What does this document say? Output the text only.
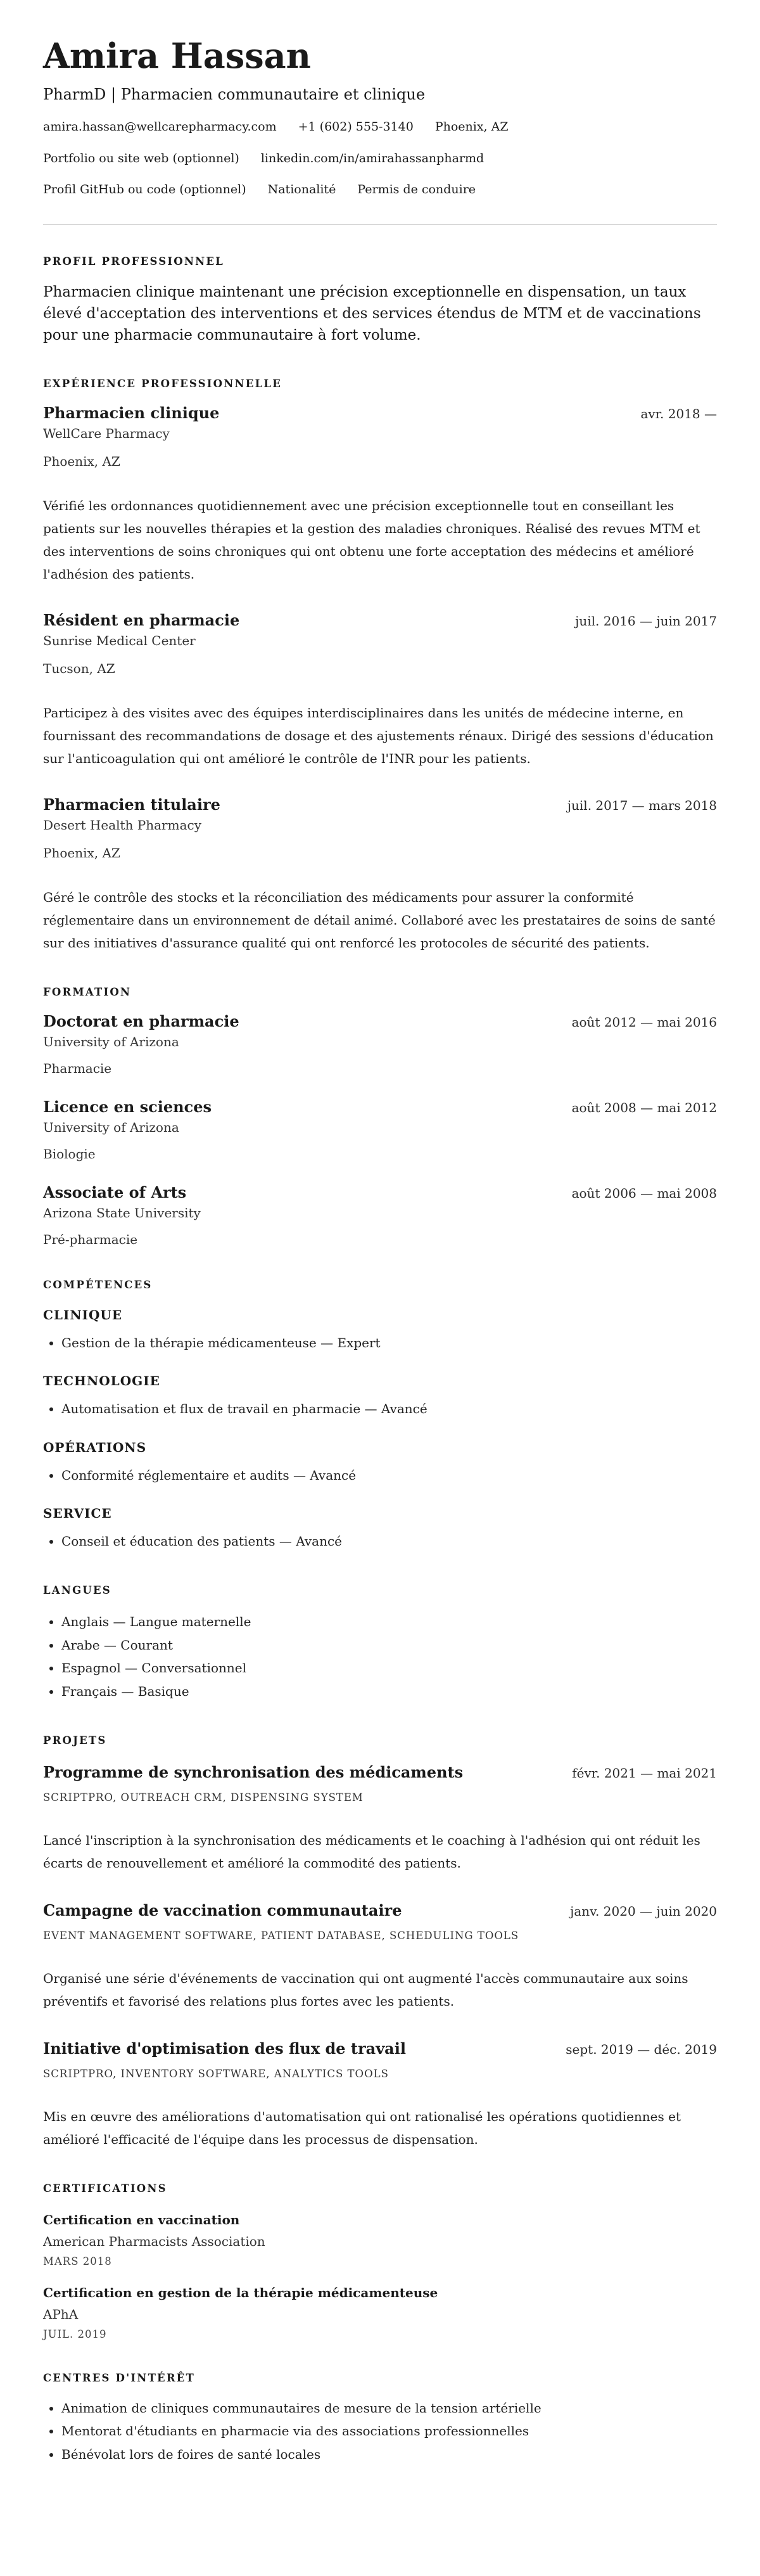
Amira Hassan
PharmD | Pharmacien communautaire et clinique
amira.hassan@wellcarepharmacy.com +1 (602) 555-3140 Phoenix, AZ
Portfolio ou site web (optionnel) linkedin.com/in/amirahassanpharmd
Profil GitHub ou code (optionnel) Nationalité Permis de conduire
PROFIL PROFESSIONNEL
Pharmacien clinique maintenant une précision exceptionnelle en dispensation, un taux élevé d'acceptation des interventions et des services étendus de MTM et de vaccinations pour une pharmacie communautaire à fort volume.
EXPÉRIENCE PROFESSIONNELLE
Pharmacien clinique	avr. 2018 —
WellCare Pharmacy
Phoenix, AZ
Vérifié les ordonnances quotidiennement avec une précision exceptionnelle tout en conseillant les patients sur les nouvelles thérapies et la gestion des maladies chroniques. Réalisé des revues MTM et des interventions de soins chroniques qui ont obtenu une forte acceptation des médecins et amélioré l'adhésion des patients.
Résident en pharmacie	juil. 2016 — juin 2017
Sunrise Medical Center
Tucson, AZ
Participez à des visites avec des équipes interdisciplinaires dans les unités de médecine interne, en fournissant des recommandations de dosage et des ajustements rénaux. Dirigé des sessions d'éducation sur l'anticoagulation qui ont amélioré le contrôle de l'INR pour les patients.
Pharmacien titulaire	juil. 2017 — mars 2018
Desert Health Pharmacy
Phoenix, AZ
Géré le contrôle des stocks et la réconciliation des médicaments pour assurer la conformité réglementaire dans un environnement de détail animé. Collaboré avec les prestataires de soins de santé sur des initiatives d'assurance qualité qui ont renforcé les protocoles de sécurité des patients.
FORMATION
Doctorat en pharmacie	août 2012 — mai 2016
University of Arizona
Pharmacie
Licence en sciences	août 2008 — mai 2012
University of Arizona
Biologie
Associate of Arts	août 2006 — mai 2008
Arizona State University
Pré-pharmacie
COMPÉTENCES
CLINIQUE
• Gestion de la thérapie médicamenteuse — Expert
TECHNOLOGIE
• Automatisation et flux de travail en pharmacie — Avancé
OPÉRATIONS
• Conformité réglementaire et audits — Avancé
SERVICE
• Conseil et éducation des patients — Avancé
LANGUES
• Anglais — Langue maternelle
• Arabe — Courant
• Espagnol — Conversationnel
• Français — Basique
PROJETS
Programme de synchronisation des médicaments	févr. 2021 — mai 2021
SCRIPTPRO, OUTREACH CRM, DISPENSING SYSTEM
Lancé l'inscription à la synchronisation des médicaments et le coaching à l'adhésion qui ont réduit les écarts de renouvellement et amélioré la commodité des patients.
Campagne de vaccination communautaire	janv. 2020 — juin 2020
EVENT MANAGEMENT SOFTWARE, PATIENT DATABASE, SCHEDULING TOOLS
Organisé une série d'événements de vaccination qui ont augmenté l'accès communautaire aux soins préventifs et favorisé des relations plus fortes avec les patients.
Initiative d'optimisation des flux de travail	sept. 2019 — déc. 2019
SCRIPTPRO, INVENTORY SOFTWARE, ANALYTICS TOOLS
Mis en œuvre des améliorations d'automatisation qui ont rationalisé les opérations quotidiennes et amélioré l'efficacité de l'équipe dans les processus de dispensation.
CERTIFICATIONS
Certification en vaccination
American Pharmacists Association
MARS 2018
Certification en gestion de la thérapie médicamenteuse
APhA
JUIL. 2019
CENTRES D'INTÉRÊT
• Animation de cliniques communautaires de mesure de la tension artérielle
• Mentorat d'étudiants en pharmacie via des associations professionnelles
• Bénévolat lors de foires de santé locales
